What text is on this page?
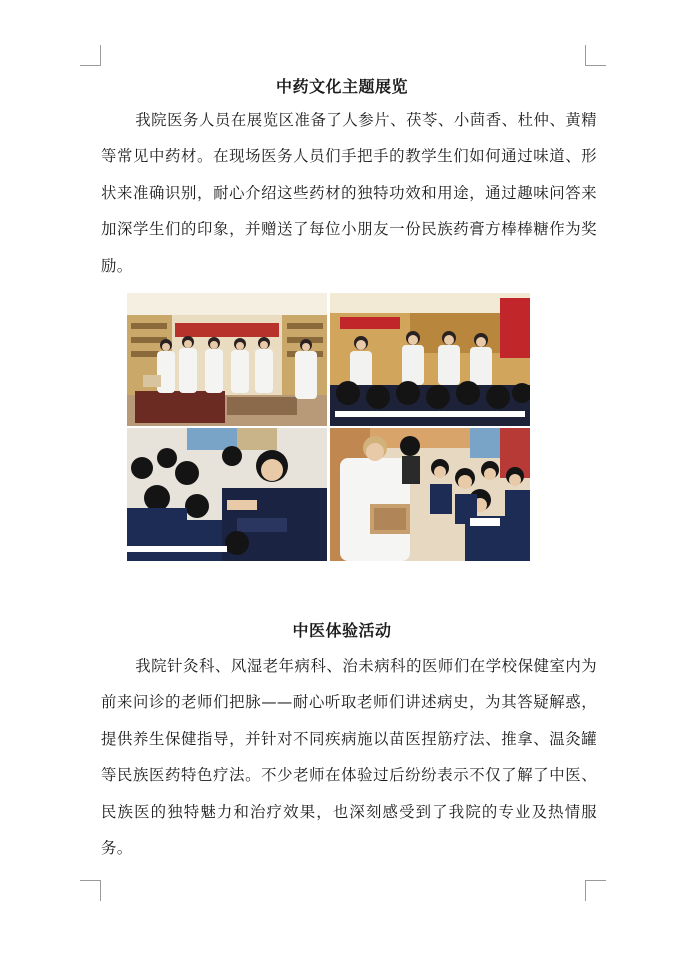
中药文化主题展览
我院医务人员在展览区准备了人参片、茯苓、小茴香、杜仲、黄精等常见中药材。在现场医务人员们手把手的教学生们如何通过味道、形状来准确识别，耐心介绍这些药材的独特功效和用途，通过趣味问答来加深学生们的印象，并赠送了每位小朋友一份民族药膏方棒棒糖作为奖励。
中医体验活动
我院针灸科、风湿老年病科、治未病科的医师们在学校保健室内为前来问诊的老师们把脉——耐心听取老师们讲述病史，为其答疑解惑，提供养生保健指导，并针对不同疾病施以苗医捏筋疗法、推拿、温灸罐等民族医药特色疗法。不少老师在体验过后纷纷表示不仅了解了中医、民族医的独特魅力和治疗效果，也深刻感受到了我院的专业及热情服务。
